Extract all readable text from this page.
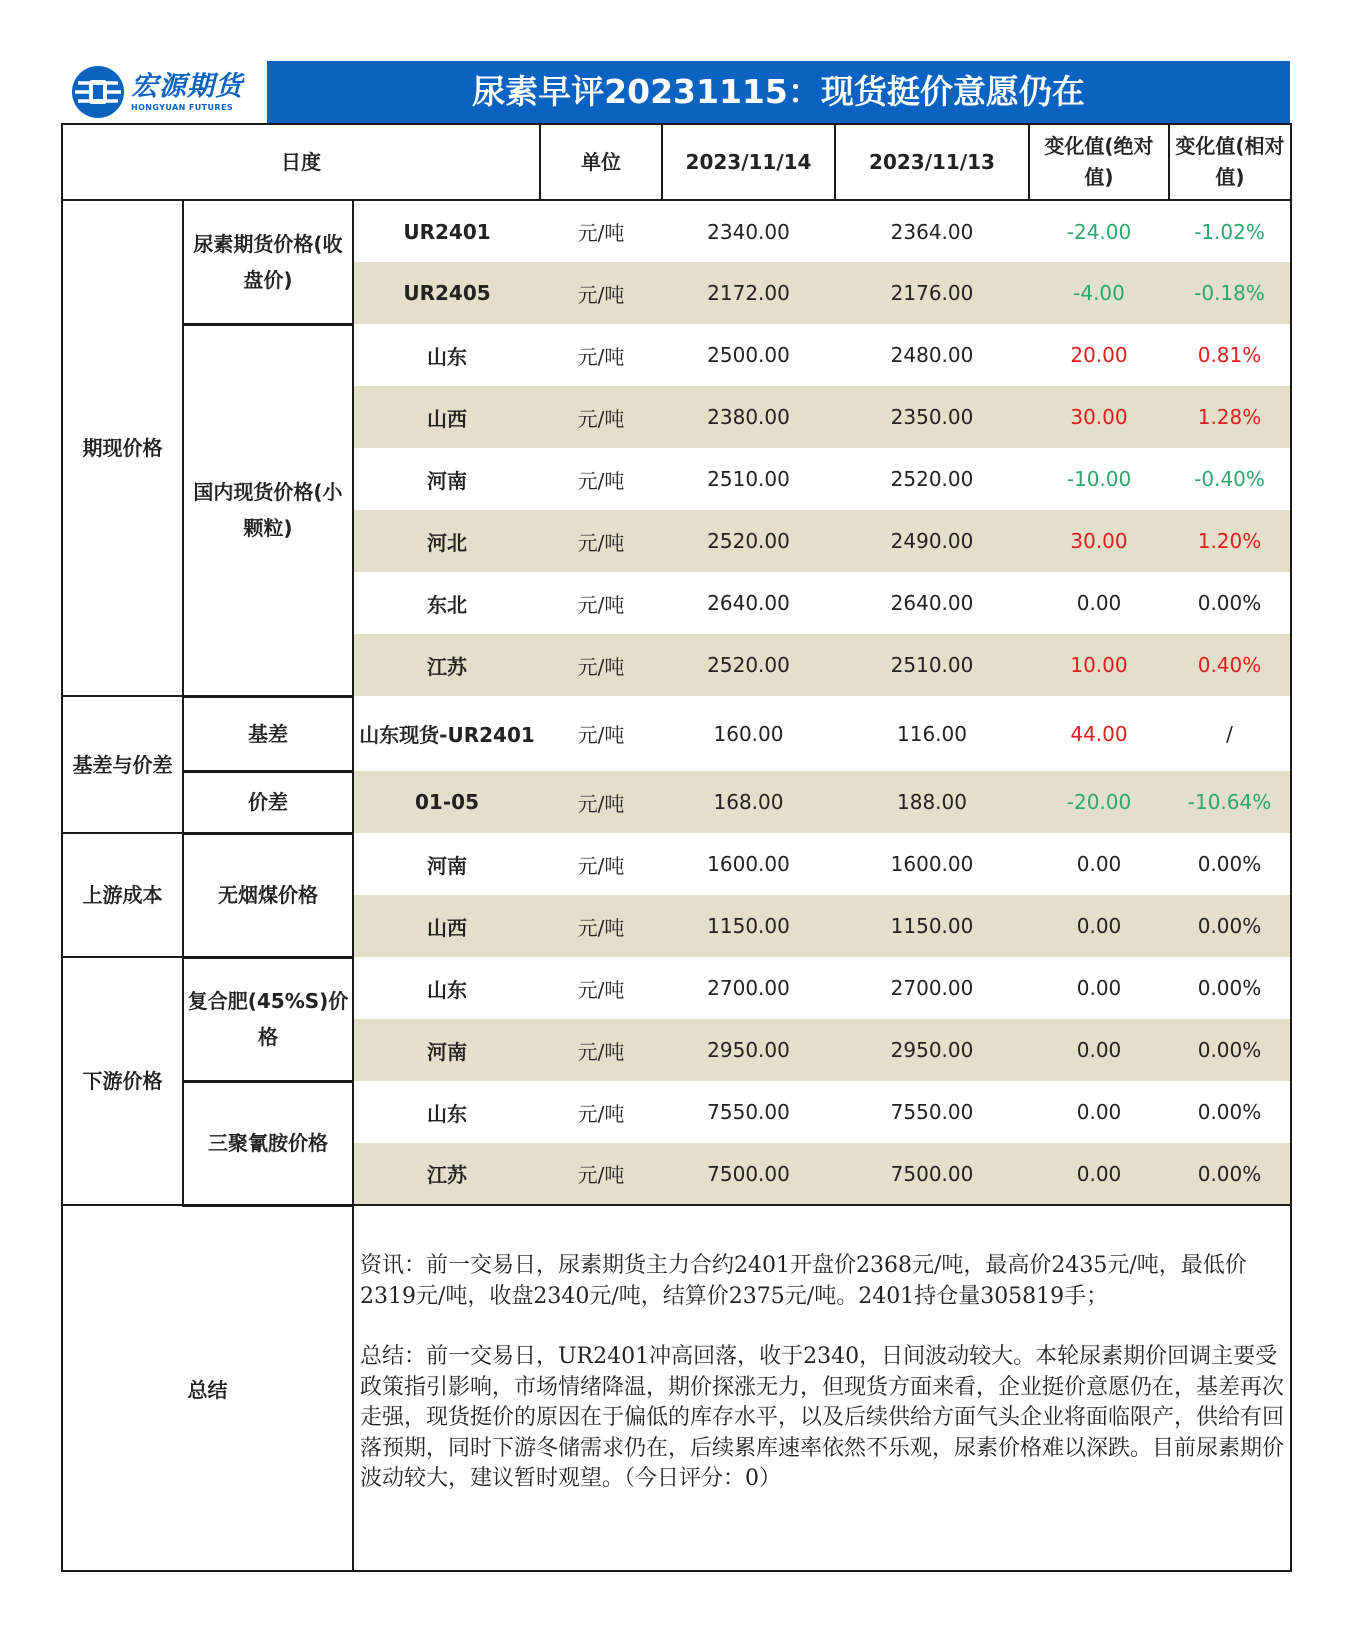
宏源期货
HONGYUAN FUTURES	尿素早评20231115：现货挺价意愿仍在
日度			单位	2023/11/14	2023/11/13	变化值(绝对值)	变化值(相对值)
期现价格	尿素期货价格(收盘价)	UR2401	元/吨	2340.00	2364.00	-24.00	-1.02%
		UR2405	元/吨	2172.00	2176.00	-4.00	-0.18%
	国内现货价格(小颗粒)	山东	元/吨	2500.00	2480.00	20.00	0.81%
		山西	元/吨	2380.00	2350.00	30.00	1.28%
		河南	元/吨	2510.00	2520.00	-10.00	-0.40%
		河北	元/吨	2520.00	2490.00	30.00	1.20%
		东北	元/吨	2640.00	2640.00	0.00	0.00%
		江苏	元/吨	2520.00	2510.00	10.00	0.40%
基差与价差	基差	山东现货-UR2401	元/吨	160.00	116.00	44.00	/
	价差	01-05	元/吨	168.00	188.00	-20.00	-10.64%
上游成本	无烟煤价格	河南	元/吨	1600.00	1600.00	0.00	0.00%
		山西	元/吨	1150.00	1150.00	0.00	0.00%
下游价格	复合肥(45%S)价格	山东	元/吨	2700.00	2700.00	0.00	0.00%
		河南	元/吨	2950.00	2950.00	0.00	0.00%
	三聚氰胺价格	山东	元/吨	7550.00	7550.00	0.00	0.00%
		江苏	元/吨	7500.00	7500.00	0.00	0.00%
总结		资讯：前一交易日，尿素期货主力合约2401开盘价2368元/吨，最高价2435元/吨，最低价2319元/吨，收盘2340元/吨，结算价2375元/吨。2401持仓量305819手；

总结：前一交易日，UR2401冲高回落，收于2340，日间波动较大。本轮尿素期价回调主要受政策指引影响，市场情绪降温，期价探涨无力，但现货方面来看，企业挺价意愿仍在，基差再次走强，现货挺价的原因在于偏低的库存水平，以及后续供给方面气头企业将面临限产，供给有回落预期，同时下游冬储需求仍在，后续累库速率依然不乐观，尿素价格难以深跌。目前尿素期价波动较大，建议暂时观望。（今日评分：0）					
